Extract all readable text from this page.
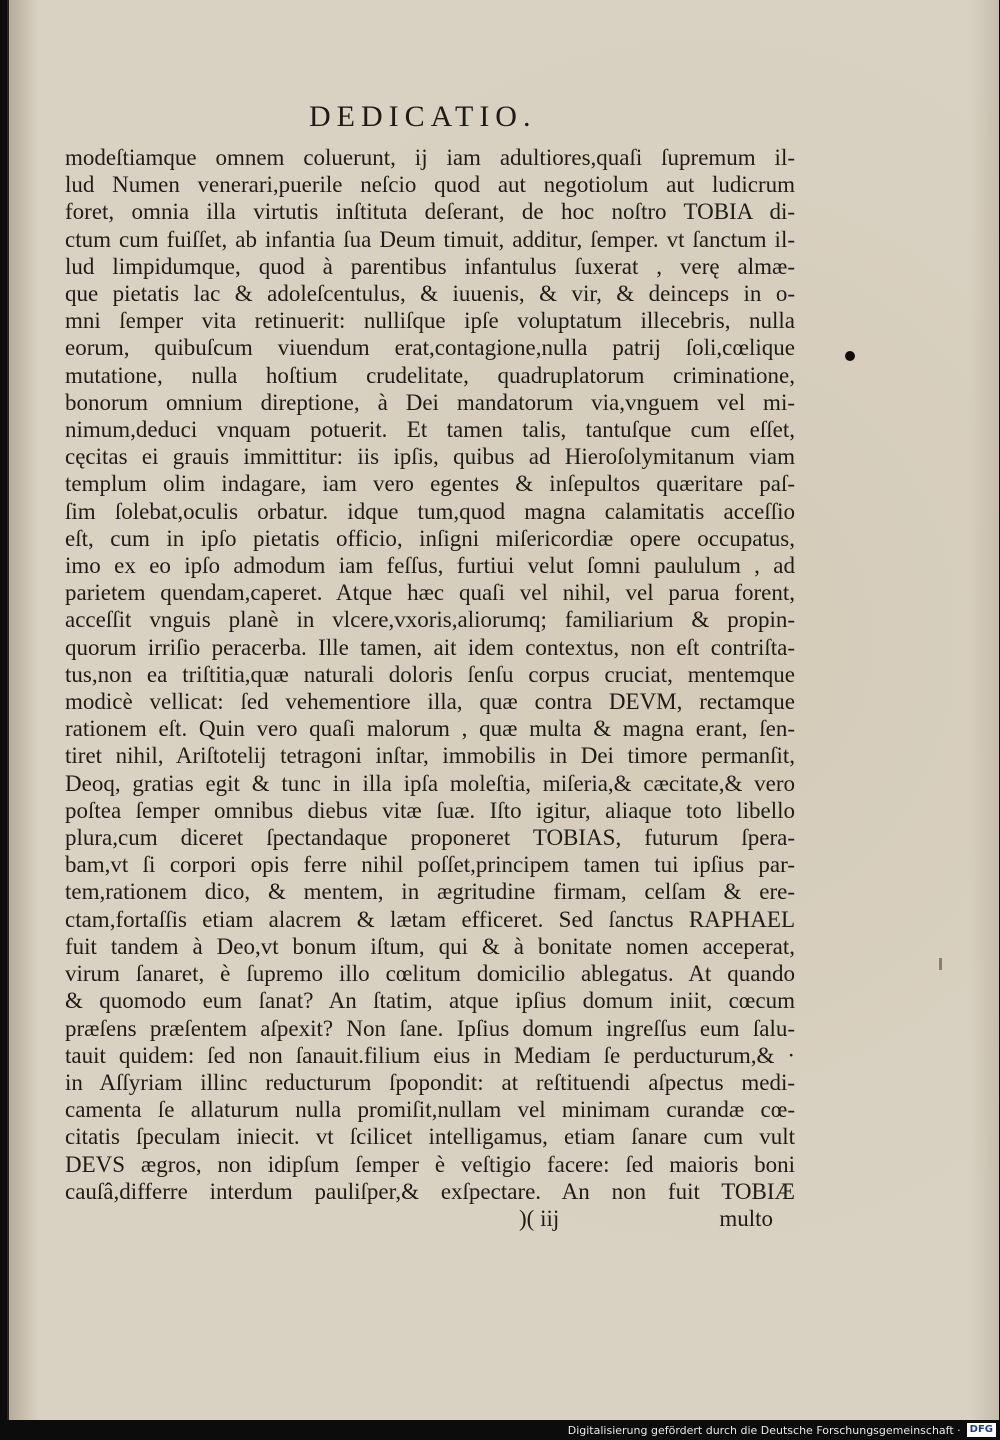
DEDICATIO.
modeſtiamque omnem coluerunt, ij iam adultiores,quaſi ſupremum il-
lud Numen venerari,puerile neſcio quod aut negotiolum aut ludicrum
foret, omnia illa virtutis inſtituta deſerant, de hoc noſtro TOBIA di-
ctum cum fuiſſet, ab infantia ſua Deum timuit, additur, ſemper. vt ſanctum il-
lud limpidumque, quod à parentibus infantulus ſuxerat , verę almæ-
que pietatis lac & adoleſcentulus, & iuuenis, & vir, & deinceps in o-
mni ſemper vita retinuerit: nulliſque ipſe voluptatum illecebris, nulla
eorum, quibuſcum viuendum erat,contagione,nulla patrij ſoli,cœlique
mutatione, nulla hoſtium crudelitate, quadruplatorum criminatione,
bonorum omnium direptione, à Dei mandatorum via,vnguem vel mi-
nimum,deduci vnquam potuerit. Et tamen talis, tantuſque cum eſſet,
cęcitas ei grauis immittitur: iis ipſis, quibus ad Hieroſolymitanum viam
templum olim indagare, iam vero egentes & inſepultos quæritare paſ-
ſim ſolebat,oculis orbatur. idque tum,quod magna calamitatis acceſſio
eſt, cum in ipſo pietatis officio, inſigni miſericordiæ opere occupatus,
imo ex eo ipſo admodum iam feſſus, furtiui velut ſomni paululum , ad
parietem quendam,caperet. Atque hæc quaſi vel nihil, vel parua forent,
acceſſit vnguis planè in vlcere,vxoris,aliorumq; familiarium & propin-
quorum irriſio peracerba. Ille tamen, ait idem contextus, non eſt contriſta-
tus,non ea triſtitia,quæ naturali doloris ſenſu corpus cruciat, mentemque
modicè vellicat: ſed vehementiore illa, quæ contra DEVM, rectamque
rationem eſt. Quin vero quaſi malorum , quæ multa & magna erant, ſen-
tiret nihil, Ariſtotelij tetragoni inſtar, immobilis in Dei timore permanſit,
Deoq, gratias egit & tunc in illa ipſa moleſtia, miſeria,& cæcitate,& vero
poſtea ſemper omnibus diebus vitæ ſuæ. Iſto igitur, aliaque toto libello
plura,cum diceret ſpectandaque proponeret TOBIAS, futurum ſpera-
bam,vt ſi corpori opis ferre nihil poſſet,principem tamen tui ipſius par-
tem,rationem dico, & mentem, in ægritudine firmam, celſam & ere-
ctam,fortaſſis etiam alacrem & lætam efficeret. Sed ſanctus RAPHAEL
fuit tandem à Deo,vt bonum iſtum, qui & à bonitate nomen acceperat,
virum ſanaret, è ſupremo illo cœlitum domicilio ablegatus. At quando
& quomodo eum ſanat? An ſtatim, atque ipſius domum iniit, cœcum
præſens præſentem aſpexit? Non ſane. Ipſius domum ingreſſus eum ſalu-
tauit quidem: ſed non ſanauit.filium eius in Mediam ſe perducturum,& ·
in Aſſyriam illinc reducturum ſpopondit: at reſtituendi aſpectus medi-
camenta ſe allaturum nulla promiſit,nullam vel minimam curandæ cœ-
citatis ſpeculam iniecit. vt ſcilicet intelligamus, etiam ſanare cum vult
DEVS ægros, non idipſum ſemper è veſtigio facere: ſed maioris boni
cauſâ,differre interdum pauliſper,& exſpectare. An non fuit TOBIÆ
)( iij	multo
Digitalisierung gefördert durch die Deutsche Forschungsgemeinschaft · DFG
